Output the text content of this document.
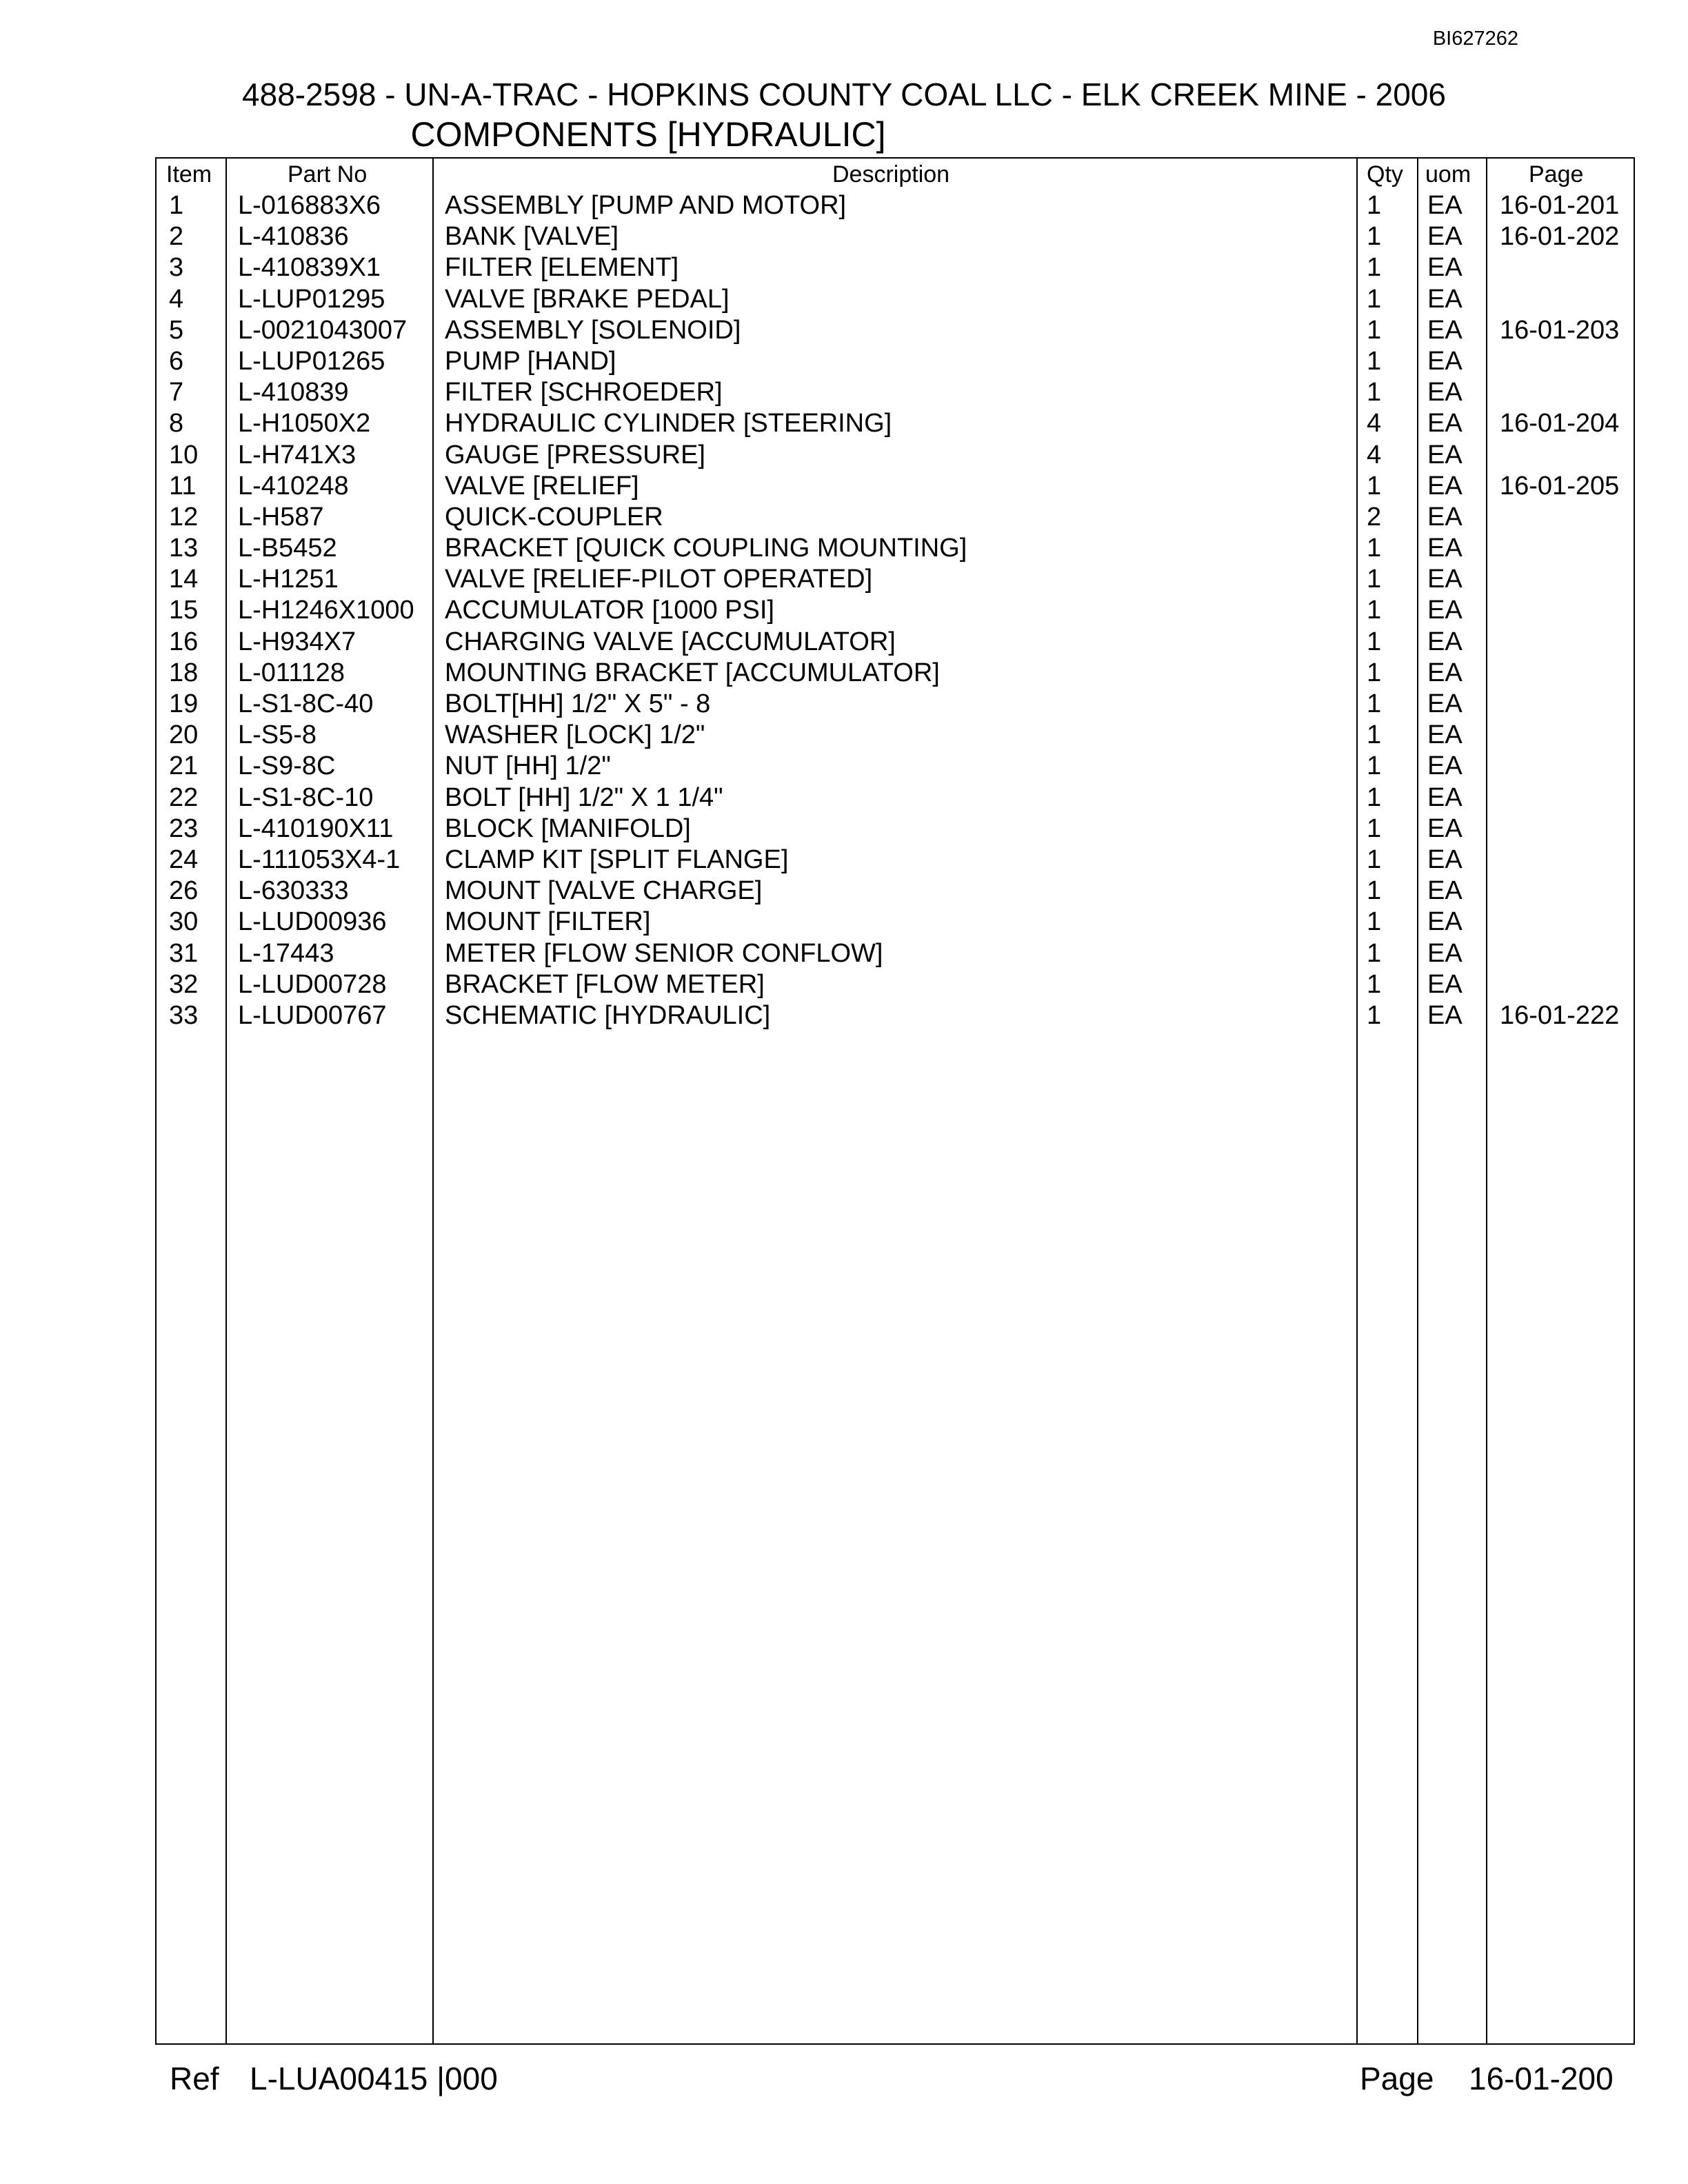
BI627262
488-2598 - UN-A-TRAC - HOPKINS COUNTY COAL LLC - ELK CREEK MINE - 2006
COMPONENTS [HYDRAULIC]
Item	Part No	Description	Qty uom Page
1 L-016883X6 ASSEMBLY [PUMP AND MOTOR]	1 EA 16-01-201
2 L-410836	BANK [VALVE]	1 EA 16-01-202
3 L-410839X1 FILTER [ELEMENT]	1 EA
4 L-LUP01295 VALVE [BRAKE PEDAL]	1 EA
5 L-0021043007 ASSEMBLY [SOLENOID]	1 EA 16-01-203
6 L-LUP01265 PUMP [HAND]	1 EA
7 L-410839	FILTER [SCHROEDER]	1 EA
8 L-H1050X2	HYDRAULIC CYLINDER [STEERING]	4 EA 16-01-204
10 L-H741X3	GAUGE [PRESSURE]	4 EA
11 L-410248	VALVE [RELIEF]	1 EA 16-01-205
12 L-H587	QUICK-COUPLER	2 EA
13 L-B5452	BRACKET [QUICK COUPLING MOUNTING]	1 EA
14 L-H1251	VALVE [RELIEF-PILOT OPERATED]	1 EA
15 L-H1246X1000 ACCUMULATOR [1000 PSI]	1 EA
16 L-H934X7	CHARGING VALVE [ACCUMULATOR]	1 EA
18 L-011128	MOUNTING BRACKET [ACCUMULATOR]	1 EA
19 L-S1-8C-40	BOLT[HH] 1/2" X 5" - 8	1 EA
20 L-S5-8	WASHER [LOCK] 1/2"	1 EA
21 L-S9-8C	NUT [HH] 1/2"	1 EA
22 L-S1-8C-10	BOLT [HH] 1/2" X 1 1/4"	1 EA
23 L-410190X11 BLOCK [MANIFOLD]	1 EA
24 L-111053X4-1 CLAMP KIT [SPLIT FLANGE]	1 EA
26 L-630333	MOUNT [VALVE CHARGE]	1 EA
30 L-LUD00936 MOUNT [FILTER]	1 EA
31 L-17443	METER [FLOW SENIOR CONFLOW]	1 EA
32 L-LUD00728 BRACKET [FLOW METER]	1 EA
33 L-LUD00767 SCHEMATIC [HYDRAULIC]	1 EA 16-01-222
Ref L-LUA00415 |000	Page 16-01-200
